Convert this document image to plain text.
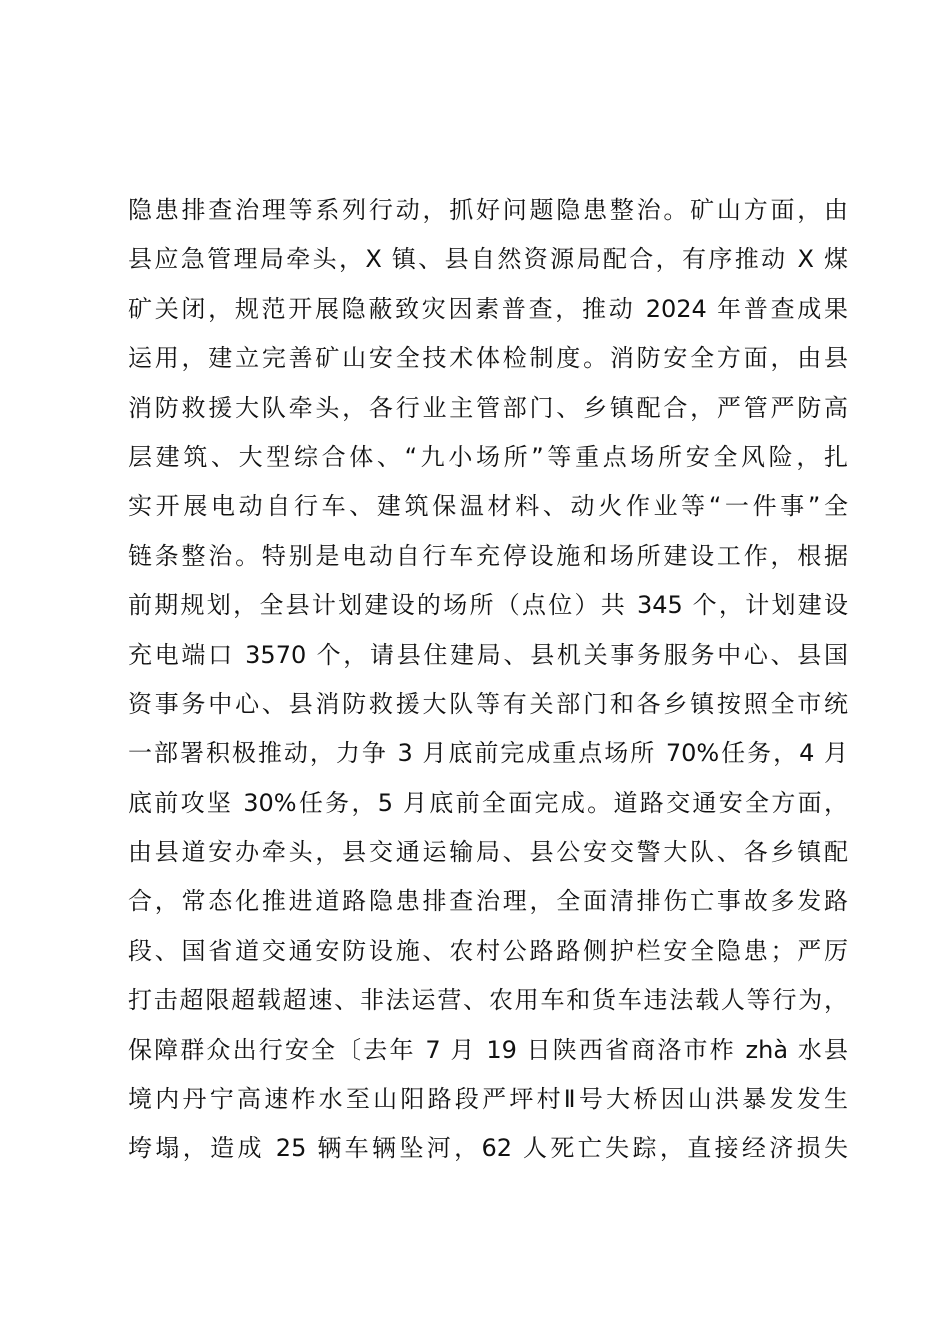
隐患排查治理等系列行动，抓好问题隐患整治。矿山方面，由
县应急管理局牵头，X 镇、县自然资源局配合，有序推动 X 煤
矿关闭，规范开展隐蔽致灾因素普查，推动 2024 年普查成果
运用，建立完善矿山安全技术体检制度。消防安全方面，由县
消防救援大队牵头，各行业主管部门、乡镇配合，严管严防高
层建筑、大型综合体、“九小场所”等重点场所安全风险，扎
实开展电动自行车、建筑保温材料、动火作业等“一件事”全
链条整治。特别是电动自行车充停设施和场所建设工作，根据
前期规划，全县计划建设的场所（点位）共 345 个，计划建设
充电端口 3570 个，请县住建局、县机关事务服务中心、县国
资事务中心、县消防救援大队等有关部门和各乡镇按照全市统
一部署积极推动，力争 3 月底前完成重点场所 70%任务，4 月
底前攻坚 30%任务，5 月底前全面完成。道路交通安全方面，
由县道安办牵头，县交通运输局、县公安交警大队、各乡镇配
合，常态化推进道路隐患排查治理，全面清排伤亡事故多发路
段、国省道交通安防设施、农村公路路侧护栏安全隐患；严厉
打击超限超载超速、非法运营、农用车和货车违法载人等行为，
保障群众出行安全〔去年 7 月 19 日陕西省商洛市柞 zhà 水县
境内丹宁高速柞水至山阳路段严坪村Ⅱ号大桥因山洪暴发发生
垮塌，造成 25 辆车辆坠河，62 人死亡失踪，直接经济损失
